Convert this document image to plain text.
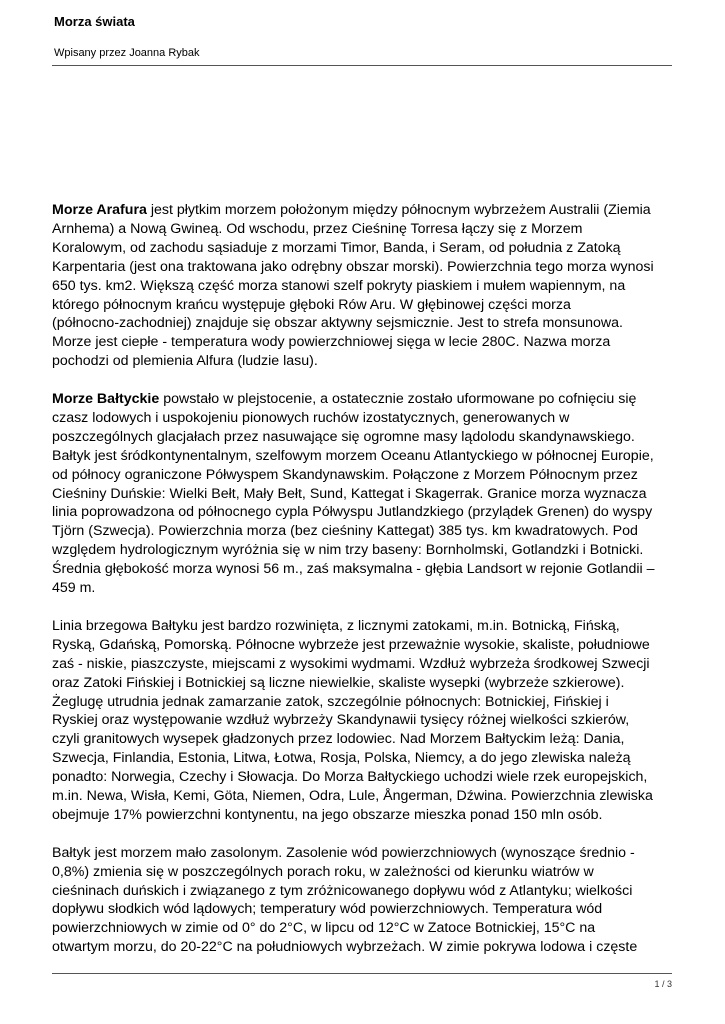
Morza świata
Wpisany przez Joanna Rybak

Morze Arafura jest płytkim morzem położonym między północnym wybrzeżem Australii (Ziemia
Arnhema) a Nową Gwineą. Od wschodu, przez Cieśninę Torresa łączy się z Morzem
Koralowym, od zachodu sąsiaduje z morzami Timor, Banda, i Seram, od południa z Zatoką
Karpentaria (jest ona traktowana jako odrębny obszar morski). Powierzchnia tego morza wynosi
650 tys. km2. Większą część morza stanowi szelf pokryty piaskiem i mułem wapiennym, na
którego północnym krańcu występuje głęboki Rów Aru. W głębinowej części morza
(północno-zachodniej) znajduje się obszar aktywny sejsmicznie. Jest to strefa monsunowa.
Morze jest ciepłe - temperatura wody powierzchniowej sięga w lecie 280C. Nazwa morza
pochodzi od plemienia Alfura (ludzie lasu).

Morze Bałtyckie powstało w plejstocenie, a ostatecznie zostało uformowane po cofnięciu się
czasz lodowych i uspokojeniu pionowych ruchów izostatycznych, generowanych w
poszczególnych glacjałach przez nasuwające się ogromne masy lądolodu skandynawskiego.
Bałtyk jest śródkontynentalnym, szelfowym morzem Oceanu Atlantyckiego w północnej Europie,
od północy ograniczone Półwyspem Skandynawskim. Połączone z Morzem Północnym przez
Cieśniny Duńskie: Wielki Bełt, Mały Bełt, Sund, Kattegat i Skagerrak. Granice morza wyznacza
linia poprowadzona od północnego cypla Półwyspu Jutlandzkiego (przylądek Grenen) do wyspy
Tjörn (Szwecja). Powierzchnia morza (bez cieśniny Kattegat) 385 tys. km kwadratowych. Pod
względem hydrologicznym wyróżnia się w nim trzy baseny: Bornholmski, Gotlandzki i Botnicki.
Średnia głębokość morza wynosi 56 m., zaś maksymalna - głębia Landsort w rejonie Gotlandii –
459 m.

Linia brzegowa Bałtyku jest bardzo rozwinięta, z licznymi zatokami, m.in. Botnicką, Fińską,
Ryską, Gdańską, Pomorską. Północne wybrzeże jest przeważnie wysokie, skaliste, południowe
zaś - niskie, piaszczyste, miejscami z wysokimi wydmami. Wzdłuż wybrzeża środkowej Szwecji
oraz Zatoki Fińskiej i Botnickiej są liczne niewielkie, skaliste wysepki (wybrzeże szkierowe).
Żeglugę utrudnia jednak zamarzanie zatok, szczególnie północnych: Botnickiej, Fińskiej i
Ryskiej oraz występowanie wzdłuż wybrzeży Skandynawii tysięcy różnej wielkości szkierów,
czyli granitowych wysepek gładzonych przez lodowiec. Nad Morzem Bałtyckim leżą: Dania,
Szwecja, Finlandia, Estonia, Litwa, Łotwa, Rosja, Polska, Niemcy, a do jego zlewiska należą
ponadto: Norwegia, Czechy i Słowacja. Do Morza Bałtyckiego uchodzi wiele rzek europejskich,
m.in. Newa, Wisła, Kemi, Göta, Niemen, Odra, Lule, Ångerman, Dźwina. Powierzchnia zlewiska
obejmuje 17% powierzchni kontynentu, na jego obszarze mieszka ponad 150 mln osób.

Bałtyk jest morzem mało zasolonym. Zasolenie wód powierzchniowych (wynoszące średnio -
0,8%) zmienia się w poszczególnych porach roku, w zależności od kierunku wiatrów w
cieśninach duńskich i związanego z tym zróżnicowanego dopływu wód z Atlantyku; wielkości
dopływu słodkich wód lądowych; temperatury wód powierzchniowych. Temperatura wód
powierzchniowych w zimie od 0° do 2°C, w lipcu od 12°C w Zatoce Botnickiej, 15°C na
otwartym morzu, do 20-22°C na południowych wybrzeżach. W zimie pokrywa lodowa i częste

1 / 3
